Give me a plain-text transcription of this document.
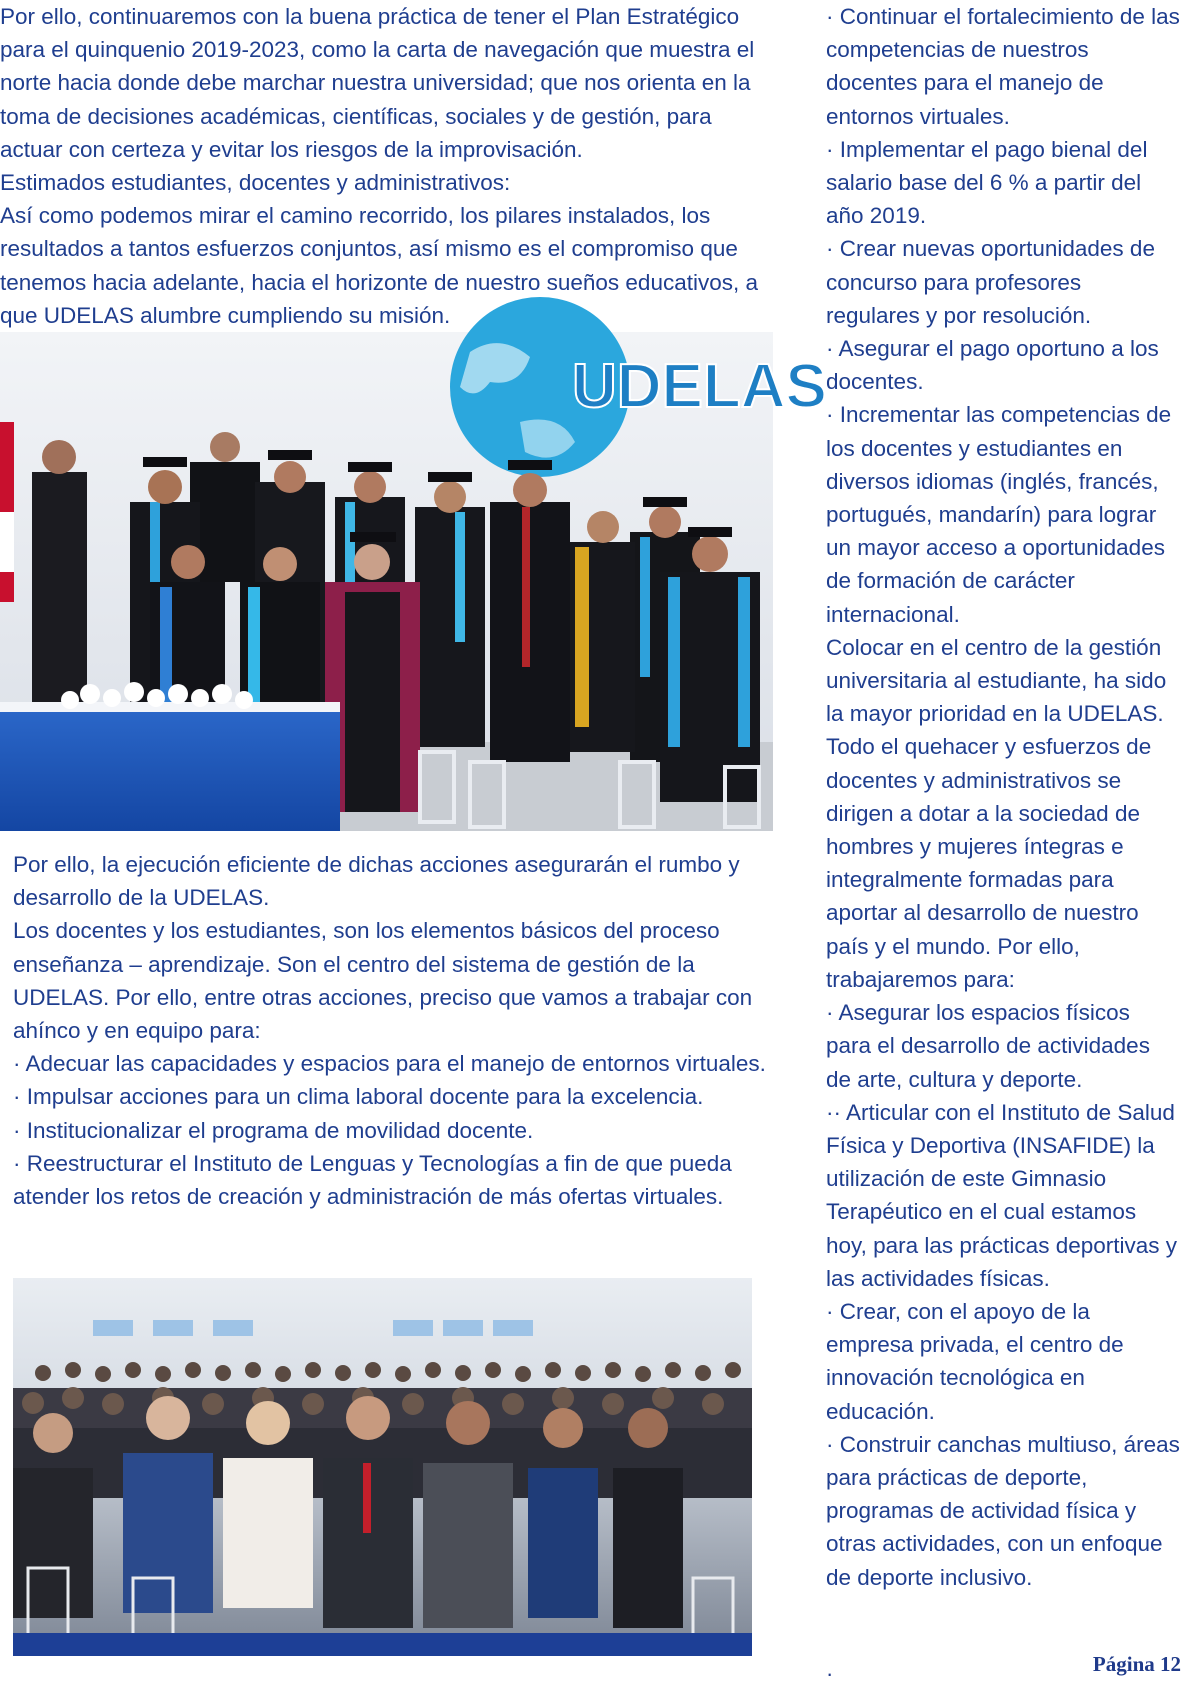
Por ello, continuaremos con la buena práctica de tener el Plan Estratégico para el quinquenio 2019-2023, como la carta de navegación que muestra el norte hacia donde debe marchar nuestra universidad; que nos orienta en la toma de decisiones académicas, científicas, sociales y de gestión, para actuar con certeza y evitar los riesgos de la improvisación.

Estimados estudiantes, docentes y administrativos:

Así como podemos mirar el camino recorrido, los pilares instalados, los resultados a tantos esfuerzos conjuntos, así mismo es el compromiso que tenemos hacia adelante, hacia el horizonte de nuestro sueños educativos, a que UDELAS alumbre cumpliendo su misión.

UDELAS

Por ello, la ejecución eficiente de dichas acciones asegurarán el rumbo y desarrollo de la UDELAS.

Los docentes y los estudiantes, son los elementos básicos del proceso enseñanza – aprendizaje. Son el centro del sistema de gestión de la UDELAS. Por ello, entre otras acciones, preciso que vamos a trabajar con ahínco y en equipo para:

· Adecuar las capacidades y espacios para el manejo de entornos virtuales.

· Impulsar acciones para un clima laboral docente para la excelencia.

· Institucionalizar el programa de movilidad docente.

· Reestructurar el Instituto de Lenguas y Tecnologías a fin de que pueda atender los retos de creación y administración de más ofertas virtuales.

· Continuar el fortalecimiento de las competencias de nuestros docentes para el manejo de entornos virtuales.

· Implementar el pago bienal del salario base del 6 % a partir del año 2019.

· Crear nuevas oportunidades de concurso para profesores regulares y por resolución.

· Asegurar el pago oportuno a los docentes.

· Incrementar las competencias de los docentes y estudiantes en diversos idiomas (inglés, francés, portugués, mandarín) para lograr un mayor acceso a oportunidades de formación de carácter internacional.

Colocar en el centro de la gestión universitaria al estudiante, ha sido la mayor prioridad en la UDELAS. Todo el quehacer y esfuerzos de docentes y administrativos se dirigen a dotar a la sociedad de hombres y mujeres íntegras e integralmente formadas para aportar al desarrollo de nuestro país y el mundo. Por ello, trabajaremos para:

· Asegurar los espacios físicos para el desarrollo de actividades de arte, cultura y deporte.

·· Articular con el Instituto de Salud Física y Deportiva (INSAFIDE) la utilización de este Gimnasio Terapéutico en el cual estamos hoy, para las prácticas deportivas y las actividades físicas.

· Crear, con el apoyo de la empresa privada, el centro de innovación tecnológica en educación.

· Construir canchas multiuso, áreas para prácticas de deporte, programas de actividad física y otras actividades, con un enfoque de deporte inclusivo.

·	Página 12
